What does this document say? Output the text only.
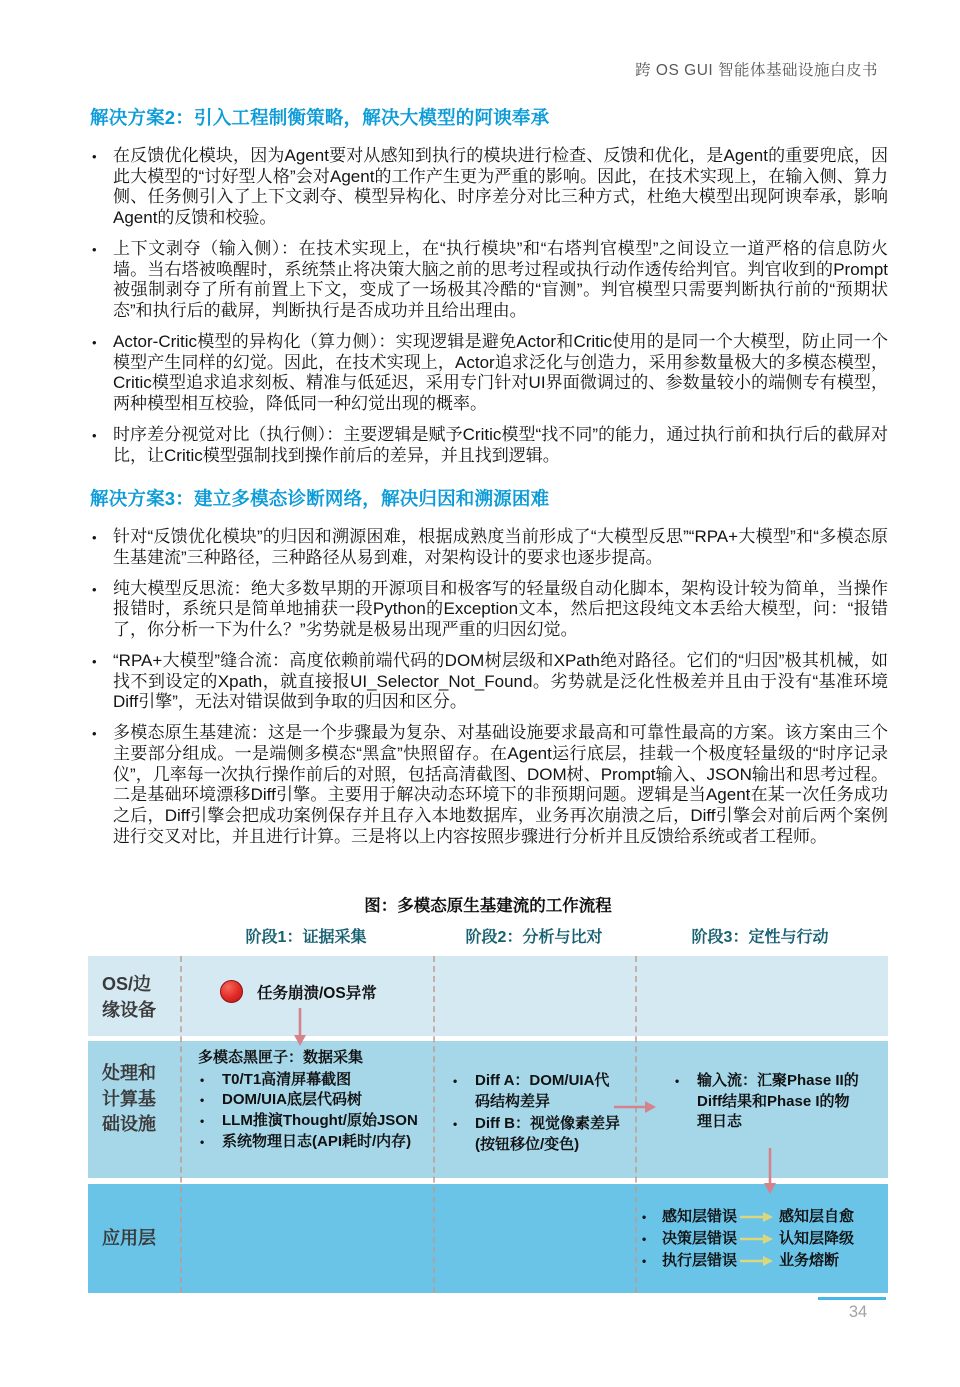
跨 OS GUI 智能体基础设施白皮书
解决方案2：引入工程制衡策略，解决大模型的阿谀奉承
• 在反馈优化模块，因为Agent要对从感知到执行的模块进行检查、反馈和优化，是Agent的重要兜底，因此大模型的“讨好型人格”会对Agent的工作产生更为严重的影响。因此，在技术实现上，在输入侧、算力侧、任务侧引入了上下文剥夺、模型异构化、时序差分对比三种方式，杜绝大模型出现阿谀奉承，影响Agent的反馈和校验。
• 上下文剥夺（输入侧）：在技术实现上，在“执行模块”和“右塔判官模型”之间设立一道严格的信息防火墙。当右塔被唤醒时，系统禁止将决策大脑之前的思考过程或执行动作透传给判官。判官收到的Prompt被强制剥夺了所有前置上下文，变成了一场极其冷酷的“盲测”。判官模型只需要判断执行前的“预期状态”和执行后的截屏，判断执行是否成功并且给出理由。
• Actor-Critic模型的异构化（算力侧）：实现逻辑是避免Actor和Critic使用的是同一个大模型，防止同一个模型产生同样的幻觉。因此，在技术实现上，Actor追求泛化与创造力，采用参数量极大的多模态模型，Critic模型追求追求刻板、精准与低延迟，采用专门针对UI界面微调过的、参数量较小的端侧专有模型，两种模型相互校验，降低同一种幻觉出现的概率。
• 时序差分视觉对比（执行侧）：主要逻辑是赋予Critic模型“找不同”的能力，通过执行前和执行后的截屏对比，让Critic模型强制找到操作前后的差异，并且找到逻辑。
解决方案3：建立多模态诊断网络，解决归因和溯源困难
• 针对“反馈优化模块”的归因和溯源困难，根据成熟度当前形成了“大模型反思”“RPA+大模型”和“多模态原生基建流”三种路径，三种路径从易到难，对架构设计的要求也逐步提高。
• 纯大模型反思流：绝大多数早期的开源项目和极客写的轻量级自动化脚本，架构设计较为简单，当操作报错时，系统只是简单地捕获一段Python的Exception文本，然后把这段纯文本丢给大模型，问：“报错了，你分析一下为什么？”劣势就是极易出现严重的归因幻觉。
• “RPA+大模型”缝合流：高度依赖前端代码的DOM树层级和XPath绝对路径。它们的“归因”极其机械，如找不到设定的Xpath，就直接报UI_Selector_Not_Found。劣势就是泛化性极差并且由于没有“基准环境Diff引擎”，无法对错误做到争取的归因和区分。
• 多模态原生基建流：这是一个步骤最为复杂、对基础设施要求最高和可靠性最高的方案。该方案由三个主要部分组成。一是端侧多模态“黑盒”快照留存。在Agent运行底层，挂载一个极度轻量级的“时序记录仪”，几率每一次执行操作前后的对照，包括高清截图、DOM树、Prompt输入、JSON输出和思考过程。二是基础环境漂移Diff引擎。主要用于解决动态环境下的非预期问题。逻辑是当Agent在某一次任务成功之后，Diff引擎会把成功案例保存并且存入本地数据库，业务再次崩溃之后，Diff引擎会对前后两个案例进行交叉对比，并且进行计算。三是将以上内容按照步骤进行分析并且反馈给系统或者工程师。
图：多模态原生基建流的工作流程
阶段1：证据采集	阶段2：分析与比对	阶段3：定性与行动
OS/边缘设备
处理和计算基础设施
应用层
任务崩溃/OS异常
多模态黑匣子：数据采集
•	T0/T1高清屏幕截图
•	DOM/UIA底层代码树
•	LLM推演Thought/原始JSON
•	系统物理日志(API耗时/内存)
•	Diff A：DOM/UIA代码结构差异
•	Diff B：视觉像素差异(按钮移位/变色)
•	输入流：汇聚Phase II的Diff结果和Phase I的物理日志
•	感知层错误	感知层自愈
•	决策层错误	认知层降级
•	执行层错误	业务熔断
34
